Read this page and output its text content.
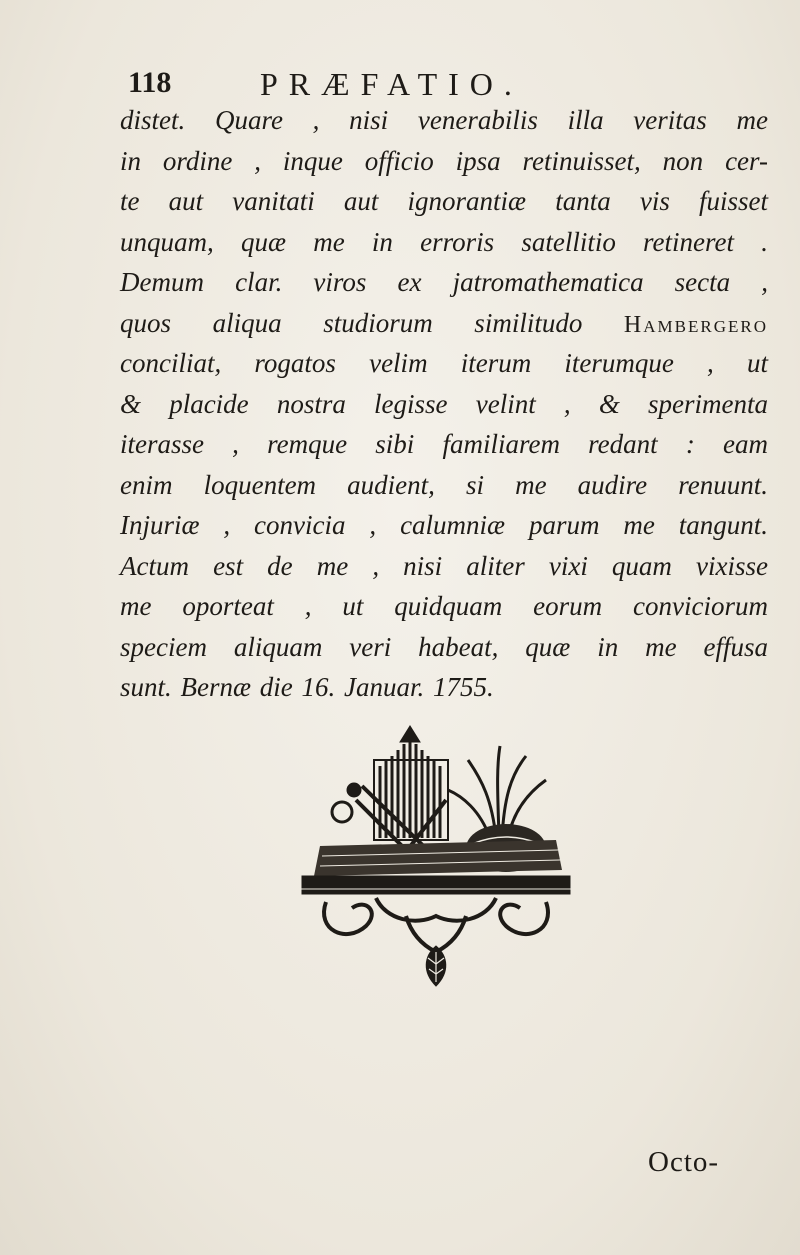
118	PRÆFATIO.
distet. Quare , nisi venerabilis illa veritas me
in ordine , inque officio ipsa retinuisset, non cer-
te aut vanitati aut ignorantiæ tanta vis fuisset
unquam, quæ me in erroris satellitio retineret .
Demum clar. viros ex jatromathematica secta ,
quos aliqua studiorum similitudo Hambergero
conciliat, rogatos velim iterum iterumque , ut
& placide nostra legisse velint , & sperimenta
iterasse , remque sibi familiarem redant : eam
enim loquentem audient, si me audire renuunt.
Injuriæ , convicia , calumniæ parum me tangunt.
Actum est de me , nisi aliter vixi quam vixisse
me oporteat , ut quidquam eorum conviciorum
speciem aliquam veri habeat, quæ in me effusa
sunt. Bernæ die 16. Januar. 1755.
Octo-
